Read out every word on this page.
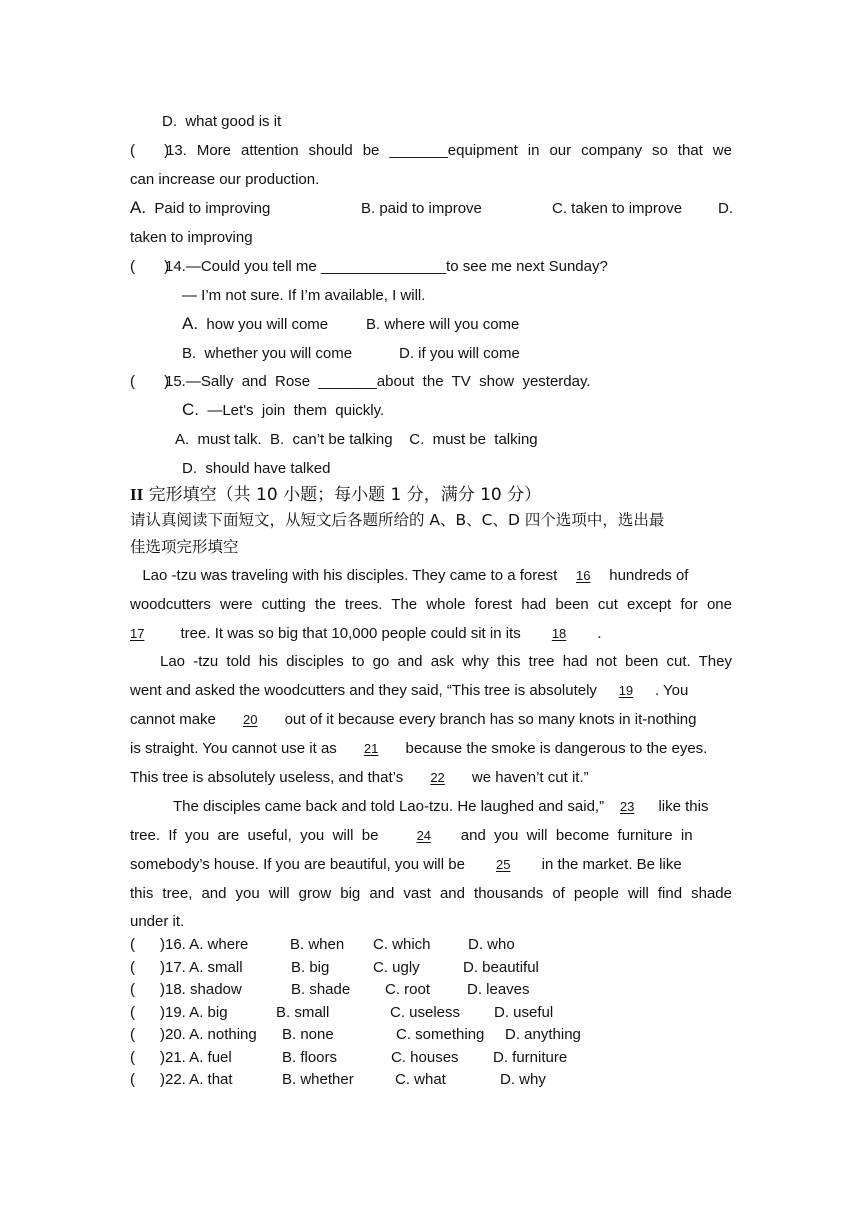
D.  what good is it
(       )
13. More attention should be _______equipment in our company so that we
can increase our production.
A. Paid to improving	B. paid to improve	C. taken to improve D.
taken to improving
(       )
14.—Could you tell me _______________to see me next Sunday?
— I’m not sure. If I’m available, I will.
A. how you will come	B. where will you come
B.  whether you will come	D. if you will come
(       )
15.—Sally  and  Rose  _______about  the  TV  show  yesterday.
C. —Let's  join  them  quickly.
A.  must talk.  B.  can’t be talking    C.  must be  talking
D.  should have talked
II 完形填空（共 10 小题；每小题 1 分，满分 10 分）
请认真阅读下面短文，从短文后各题所给的 A、B、C、D 四个选项中，选出最
佳选项完形填空
Lao -tzu was traveling with his disciples. They came to a forest 16 hundreds of
woodcutters were cutting the trees. The whole forest had been cut except for one
17 tree. It was so big that 10,000 people could sit in its 18 .
Lao -tzu told his disciples to go and ask why this tree had not been cut. They
went and asked the woodcutters and they said, “This tree is absolutely 19 . You
cannot make 20 out of it because every branch has so many knots in it-nothing
is straight. You cannot use it as 21 because the smoke is dangerous to the eyes.
This tree is absolutely useless, and that’s 22 we haven’t cut it.”
The disciples came back and told Lao-tzu. He laughed and said,” 23 like this
tree.  If  you  are  useful,  you  will  be	24 and  you  will  become  furniture  in
somebody’s house. If you are beautiful, you will be 25 in the market. Be like
this tree, and you will grow big and vast and thousands of people will find shade
under it.
( )16. A. where	B. when C. which D. who
( )17. A. small	B. big	C. ugly	D. beautiful
( )18. shadow	B. shade C. root D. leaves
( )19. A. big	B. small	C. useless D. useful
( )20. A. nothing B. none	C. something D. anything
( )21. A. fuel	B. floors	C. houses D. furniture
( )22. A. that	B. whether	C. what	D. why
